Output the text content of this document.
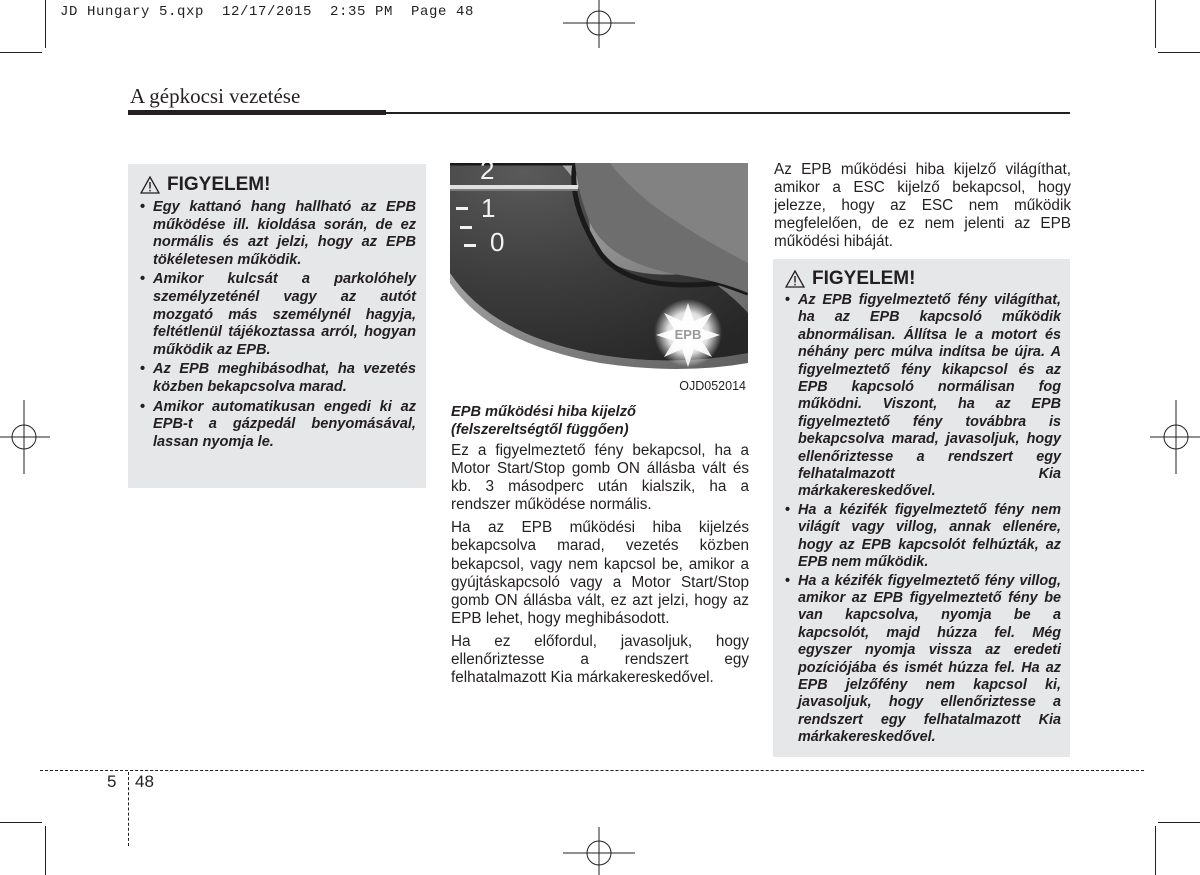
JD Hungary 5.qxp  12/17/2015  2:35 PM  Page 48
A gépkocsi vezetése
FIGYELEM!
• Egy kattanó hang hallható az EPB működése ill. kioldása során, de ez normális és azt jelzi, hogy az EPB tökéletesen működik.
• Amikor kulcsát a parkolóhely személyzeténél vagy az autót mozgató más személynél hagyja, feltétlenül tájékoztassa arról, hogyan működik az EPB.
• Az EPB meghibásodhat, ha vezetés közben bekapcsolva marad.
• Amikor automatikusan engedi ki az EPB-t a gázpedál benyomásával, lassan nyomja le.
2
1
0
EPB
OJD052014
EPB működési hiba kijelző (felszereltségtől függően)

Ez a figyelmeztető fény bekapcsol, ha a Motor Start/Stop gomb ON állásba vált és kb. 3 másodperc után kialszik, ha a rendszer működése normális.

Ha az EPB működési hiba kijelzés bekapcsolva marad, vezetés közben bekapcsol, vagy nem kapcsol be, amikor a gyújtáskapcsoló vagy a Motor Start/Stop gomb ON állásba vált, ez azt jelzi, hogy az EPB lehet, hogy meghibásodott.

Ha ez előfordul, javasoljuk, hogy ellenőriztesse a rendszert egy felhatalmazott Kia márkakereskedővel.

Az EPB működési hiba kijelző világíthat, amikor a ESC kijelző bekapcsol, hogy jelezze, hogy az ESC nem működik megfelelően, de ez nem jelenti az EPB működési hibáját.

FIGYELEM!
• Az EPB figyelmeztető fény világíthat, ha az EPB kapcsoló működik abnormálisan. Állítsa le a motort és néhány perc múlva indítsa be újra. A figyelmeztető fény kikapcsol és az EPB kapcsoló normálisan fog működni. Viszont, ha az EPB figyelmeztető fény továbbra is bekapcsolva marad, javasoljuk, hogy ellenőriztesse a rendszert egy felhatalmazott Kia márkakereskedővel.
• Ha a kézifék figyelmeztető fény nem világít vagy villog, annak ellenére, hogy az EPB kapcsolót felhúzták, az EPB nem működik.
• Ha a kézifék figyelmeztető fény villog, amikor az EPB figyelmeztető fény be van kapcsolva, nyomja be a kapcsolót, majd húzza fel. Még egyszer nyomja vissza az eredeti pozíciójába és ismét húzza fel. Ha az EPB jelzőfény nem kapcsol ki, javasoljuk, hogy ellenőriztesse a rendszert egy felhatalmazott Kia márkakereskedővel.
5 48
